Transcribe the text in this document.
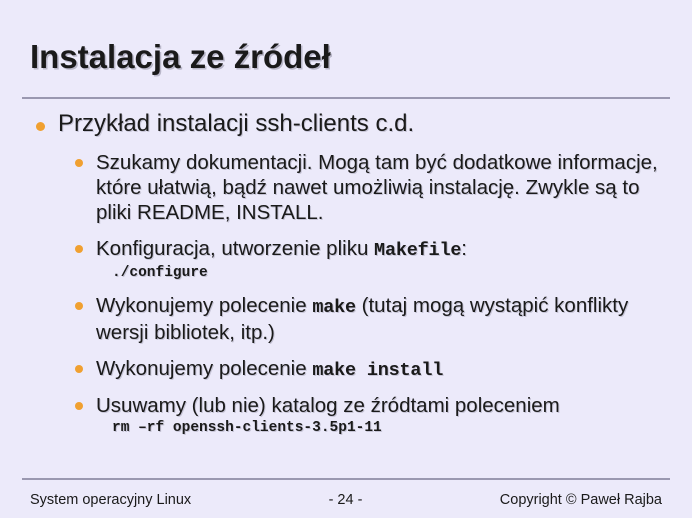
Instalacja ze źródeł
Przykład instalacji ssh-clients c.d.
Szukamy dokumentacji. Mogą tam być dodatkowe informacje, które ułatwią, bądź nawet umożliwią instalację. Zwykle są to pliki README, INSTALL.
Konfiguracja, utworzenie pliku Makefile:
./configure
Wykonujemy polecenie make (tutaj mogą wystąpić konflikty wersji bibliotek, itp.)
Wykonujemy polecenie make install
Usuwamy (lub nie) katalog ze źródtami poleceniem
rm –rf openssh-clients-3.5p1-11
System operacyjny Linux	- 24 -	Copyright © Paweł Rajba
